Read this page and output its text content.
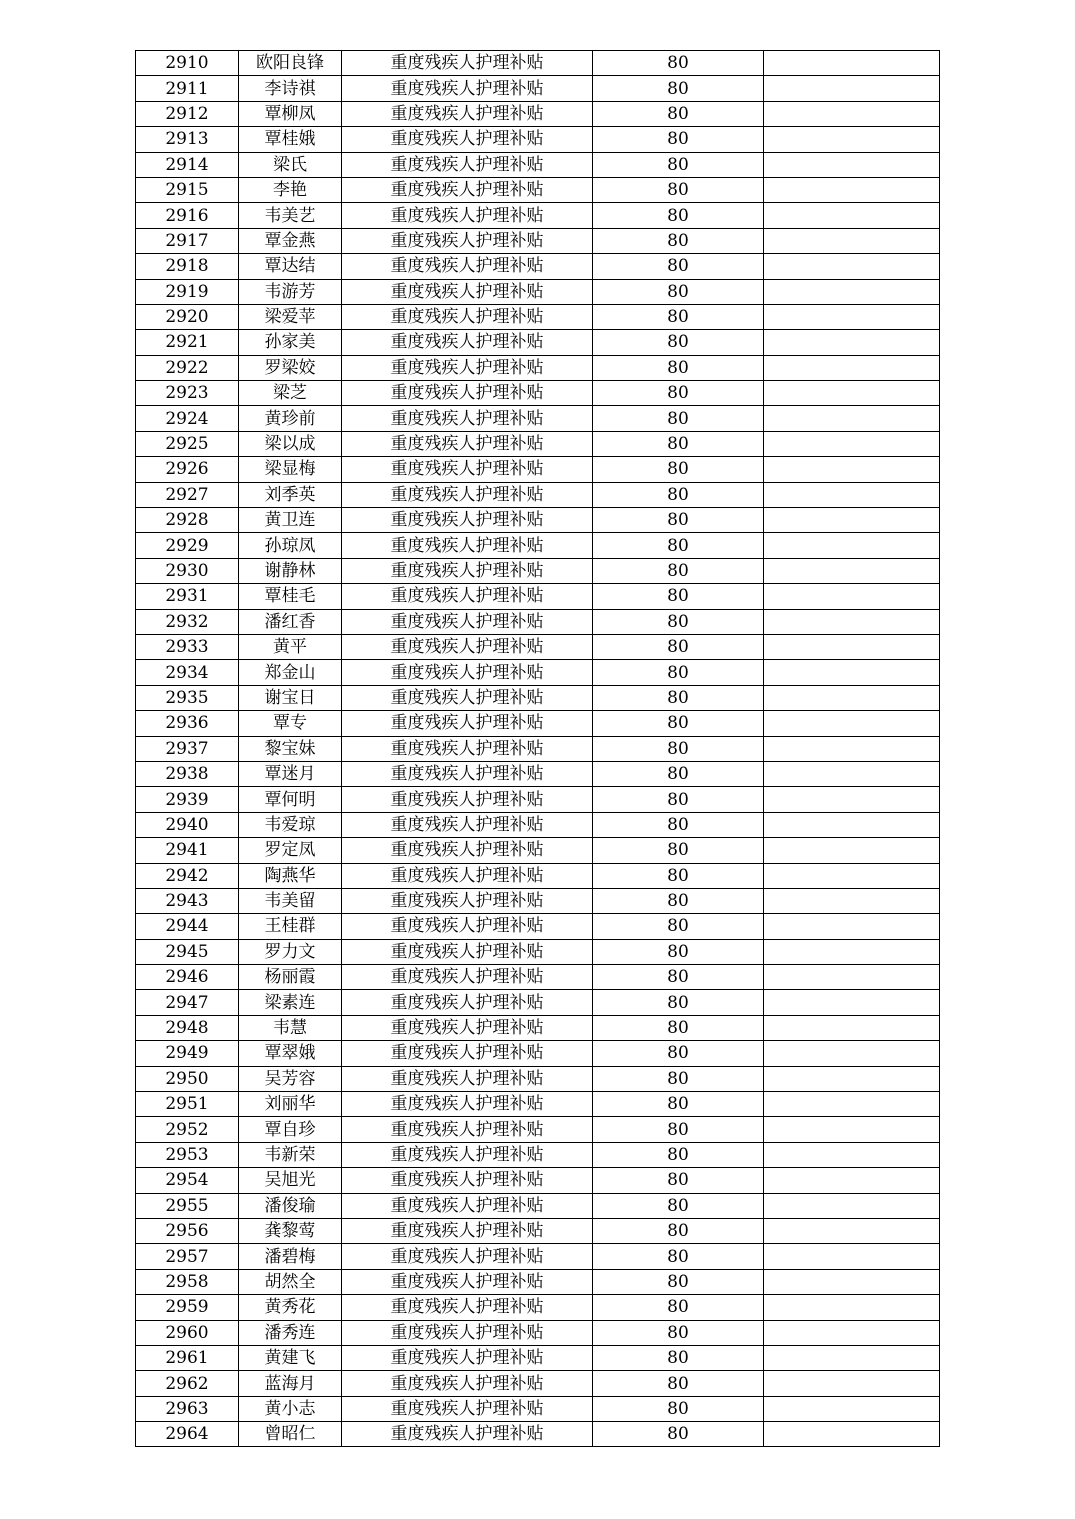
2910	欧阳良锋	重度残疾人护理补贴	80	
2911	李诗祺	重度残疾人护理补贴	80	
2912	覃柳凤	重度残疾人护理补贴	80	
2913	覃桂娥	重度残疾人护理补贴	80	
2914	梁氏	重度残疾人护理补贴	80	
2915	李艳	重度残疾人护理补贴	80	
2916	韦美艺	重度残疾人护理补贴	80	
2917	覃金燕	重度残疾人护理补贴	80	
2918	覃达结	重度残疾人护理补贴	80	
2919	韦游芳	重度残疾人护理补贴	80	
2920	梁爱苹	重度残疾人护理补贴	80	
2921	孙家美	重度残疾人护理补贴	80	
2922	罗梁姣	重度残疾人护理补贴	80	
2923	梁芝	重度残疾人护理补贴	80	
2924	黄珍前	重度残疾人护理补贴	80	
2925	梁以成	重度残疾人护理补贴	80	
2926	梁显梅	重度残疾人护理补贴	80	
2927	刘季英	重度残疾人护理补贴	80	
2928	黄卫连	重度残疾人护理补贴	80	
2929	孙琼凤	重度残疾人护理补贴	80	
2930	谢静林	重度残疾人护理补贴	80	
2931	覃桂毛	重度残疾人护理补贴	80	
2932	潘红香	重度残疾人护理补贴	80	
2933	黄平	重度残疾人护理补贴	80	
2934	郑金山	重度残疾人护理补贴	80	
2935	谢宝日	重度残疾人护理补贴	80	
2936	覃专	重度残疾人护理补贴	80	
2937	黎宝妹	重度残疾人护理补贴	80	
2938	覃迷月	重度残疾人护理补贴	80	
2939	覃何明	重度残疾人护理补贴	80	
2940	韦爱琼	重度残疾人护理补贴	80	
2941	罗定凤	重度残疾人护理补贴	80	
2942	陶燕华	重度残疾人护理补贴	80	
2943	韦美留	重度残疾人护理补贴	80	
2944	王桂群	重度残疾人护理补贴	80	
2945	罗力文	重度残疾人护理补贴	80	
2946	杨丽霞	重度残疾人护理补贴	80	
2947	梁素连	重度残疾人护理补贴	80	
2948	韦慧	重度残疾人护理补贴	80	
2949	覃翠娥	重度残疾人护理补贴	80	
2950	吴芳容	重度残疾人护理补贴	80	
2951	刘丽华	重度残疾人护理补贴	80	
2952	覃自珍	重度残疾人护理补贴	80	
2953	韦新荣	重度残疾人护理补贴	80	
2954	吴旭光	重度残疾人护理补贴	80	
2955	潘俊瑜	重度残疾人护理补贴	80	
2956	龚黎莺	重度残疾人护理补贴	80	
2957	潘碧梅	重度残疾人护理补贴	80	
2958	胡然全	重度残疾人护理补贴	80	
2959	黄秀花	重度残疾人护理补贴	80	
2960	潘秀连	重度残疾人护理补贴	80	
2961	黄建飞	重度残疾人护理补贴	80	
2962	蓝海月	重度残疾人护理补贴	80	
2963	黄小志	重度残疾人护理补贴	80	
2964	曾昭仁	重度残疾人护理补贴	80	
